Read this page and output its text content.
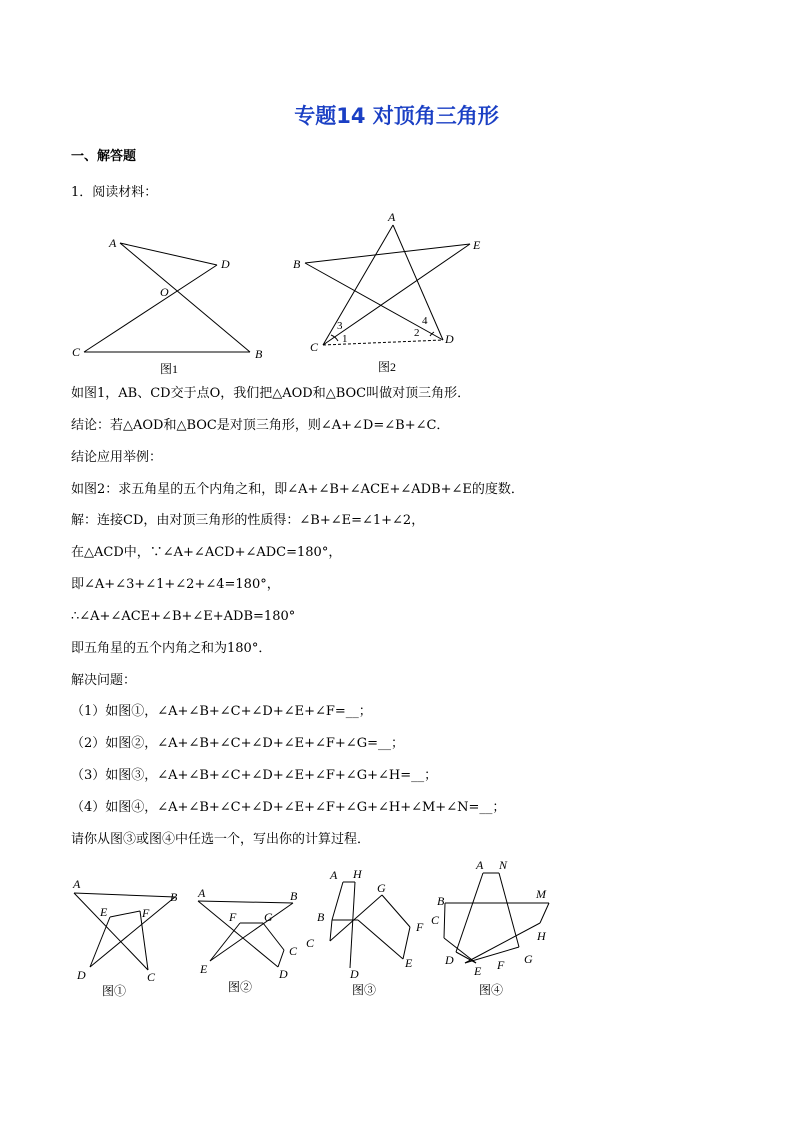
专题14 对顶角三角形
一、解答题
1．阅读材料：
A
D
O
C	B
图1
A
E
B
C
D
3
1	2
4
图2
如图1，AB、CD交于点O，我们把△AOD和△BOC叫做对顶三角形．
结论：若△AOD和△BOC是对顶三角形，则∠A+∠D=∠B+∠C．
结论应用举例：
如图2：求五角星的五个内角之和，即∠A+∠B+∠ACE+∠ADB+∠E的度数．
解：连接CD，由对顶三角形的性质得：∠B+∠E=∠1+∠2，
在△ACD中，∵∠A+∠ACD+∠ADC=180°，
即∠A+∠3+∠1+∠2+∠4=180°，
∴∠A+∠ACE+∠B+∠E+ADB=180°
即五角星的五个内角之和为180°．
解决问题：
（1）如图①，∠A+∠B+∠C+∠D+∠E+∠F=__；
（2）如图②，∠A+∠B+∠C+∠D+∠E+∠F+∠G=__；
（3）如图③，∠A+∠B+∠C+∠D+∠E+∠F+∠G+∠H=__；
（4）如图④，∠A+∠B+∠C+∠D+∠E+∠F+∠G+∠H+∠M+∠N=__；
请你从图③或图④中任选一个，写出你的计算过程．
A
B
E	F
D	C
图①
A	B
F G
C
E	D
图②
A H
G
B
F
C
E
D
图③
A N
M
B
C
H
D	G
E F
图④
